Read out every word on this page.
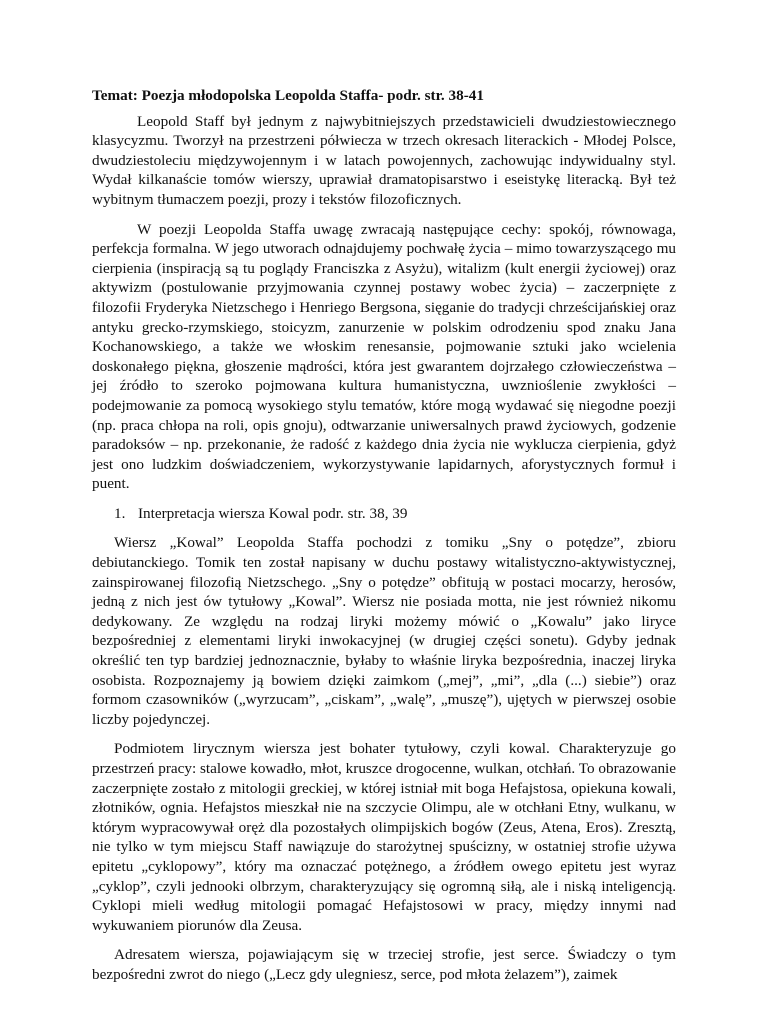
Temat: Poezja młodopolska Leopolda Staffa- podr. str. 38-41

Leopold Staff był jednym z najwybitniejszych przedstawicieli dwudziestowiecznego klasycyzmu. Tworzył na przestrzeni półwiecza w trzech okresach literackich - Młodej Polsce, dwudziestoleciu międzywojennym i w latach powojennych, zachowując indywidualny styl. Wydał kilkanaście tomów wierszy, uprawiał dramatopisarstwo i eseistykę literacką. Był też wybitnym tłumaczem poezji, prozy i tekstów filozoficznych.

W poezji Leopolda Staffa uwagę zwracają następujące cechy: spokój, równowaga, perfekcja formalna. W jego utworach odnajdujemy pochwałę życia – mimo towarzyszącego mu cierpienia (inspiracją są tu poglądy Franciszka z Asyżu), witalizm (kult energii życiowej) oraz aktywizm (postulowanie przyjmowania czynnej postawy wobec życia) – zaczerpnięte z filozofii Fryderyka Nietzschego i Henriego Bergsona, sięganie do tradycji chrześcijańskiej oraz antyku grecko-rzymskiego, stoicyzm, zanurzenie w polskim odrodzeniu spod znaku Jana Kochanowskiego, a także we włoskim renesansie, pojmowanie sztuki jako wcielenia doskonałego piękna, głoszenie mądrości, która jest gwarantem dojrzałego człowieczeństwa – jej źródło to szeroko pojmowana kultura humanistyczna, uwznioślenie zwykłości – podejmowanie za pomocą wysokiego stylu tematów, które mogą wydawać się niegodne poezji (np. praca chłopa na roli, opis gnoju), odtwarzanie uniwersalnych prawd życiowych, godzenie paradoksów – np. przekonanie, że radość z każdego dnia życia nie wyklucza cierpienia, gdyż jest ono ludzkim doświadczeniem, wykorzystywanie lapidarnych, aforystycznych formuł i puent.

1. Interpretacja wiersza Kowal podr. str. 38, 39

Wiersz „Kowal” Leopolda Staffa pochodzi z tomiku „Sny o potędze”, zbioru debiutanckiego. Tomik ten został napisany w duchu postawy witalistyczno-aktywistycznej, zainspirowanej filozofią Nietzschego. „Sny o potędze” obfitują w postaci mocarzy, herosów, jedną z nich jest ów tytułowy „Kowal”. Wiersz nie posiada motta, nie jest również nikomu dedykowany. Ze względu na rodzaj liryki możemy mówić o „Kowalu” jako liryce bezpośredniej z elementami liryki inwokacyjnej (w drugiej części sonetu). Gdyby jednak określić ten typ bardziej jednoznacznie, byłaby to właśnie liryka bezpośrednia, inaczej liryka osobista. Rozpoznajemy ją bowiem dzięki zaimkom („mej”, „mi”, „dla (...) siebie”) oraz formom czasowników („wyrzucam”, „ciskam”, „walę”, „muszę”), ujętych w pierwszej osobie liczby pojedynczej.

Podmiotem lirycznym wiersza jest bohater tytułowy, czyli kowal. Charakteryzuje go przestrzeń pracy: stalowe kowadło, młot, kruszce drogocenne, wulkan, otchłań. To obrazowanie zaczerpnięte zostało z mitologii greckiej, w której istniał mit boga Hefajstosa, opiekuna kowali, złotników, ognia. Hefajstos mieszkał nie na szczycie Olimpu, ale w otchłani Etny, wulkanu, w którym wypracowywał oręż dla pozostałych olimpijskich bogów (Zeus, Atena, Eros). Zresztą, nie tylko w tym miejscu Staff nawiązuje do starożytnej spuścizny, w ostatniej strofie używa epitetu „cyklopowy”, który ma oznaczać potężnego, a źródłem owego epitetu jest wyraz „cyklop”, czyli jednooki olbrzym, charakteryzujący się ogromną siłą, ale i niską inteligencją. Cyklopi mieli według mitologii pomagać Hefajstosowi w pracy, między innymi nad wykuwaniem piorunów dla Zeusa.

Adresatem wiersza, pojawiającym się w trzeciej strofie, jest serce. Świadczy o tym bezpośredni zwrot do niego („Lecz gdy ulegniesz, serce, pod młota żelazem”), zaimek
